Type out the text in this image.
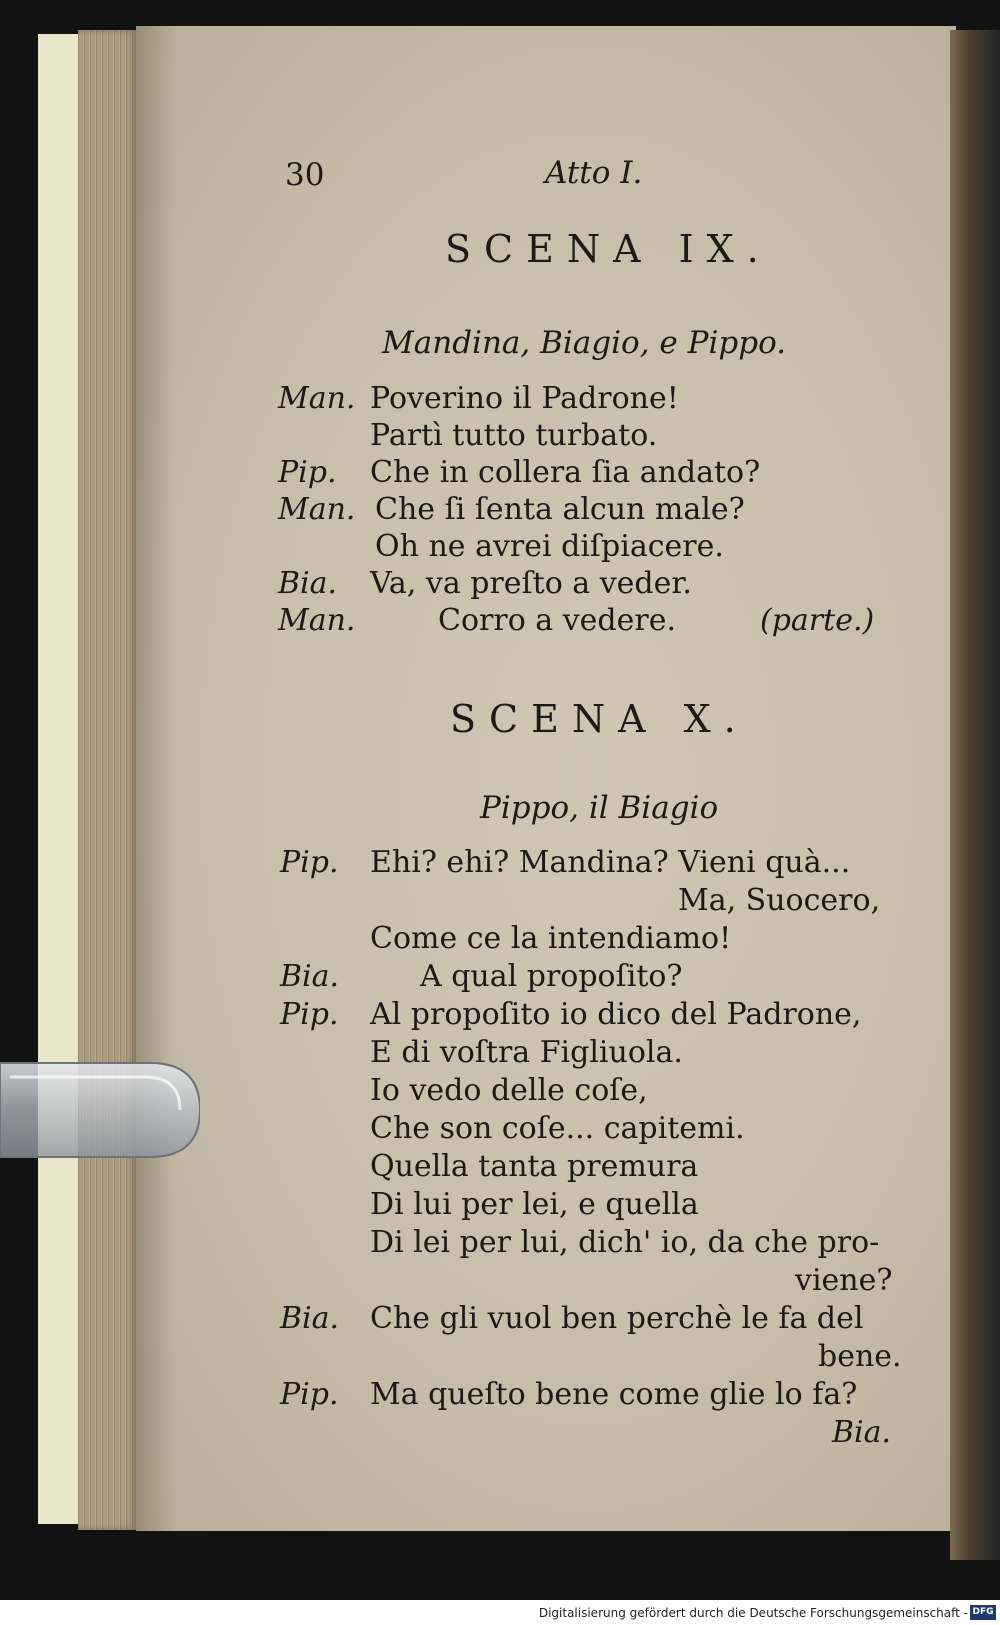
30	Atto I.
SCENA IX.
Mandina, Biagio, e Pippo.
Man. Poverino il Padrone!
Partì tutto turbato.
Pip. Che in collera ſia andato?
Man. Che ſi ſenta alcun male?
Oh ne avrei diſpiacere.
Bia. Va, va preſto a veder.
Man.	Corro a vedere.	(parte.)
SCENA X.
Pippo, il Biagio
Pip. Ehi? ehi? Mandina? Vieni quà...
Ma, Suocero,
Come ce la intendiamo!
Bia.	A qual propoſito?
Pip. Al propoſito io dico del Padrone,
E di voſtra Figliuola.
Io vedo delle coſe,
Che son coſe... capitemi.
Quella tanta premura
Di lui per lei, e quella
Di lei per lui, dich' io, da che pro-
viene?
Bia. Che gli vuol ben perchè le fa del
bene.
Pip. Ma queſto bene come glie lo fa?
Bia.
Digitalisierung gefördert durch die Deutsche Forschungsgemeinschaft - DFG
